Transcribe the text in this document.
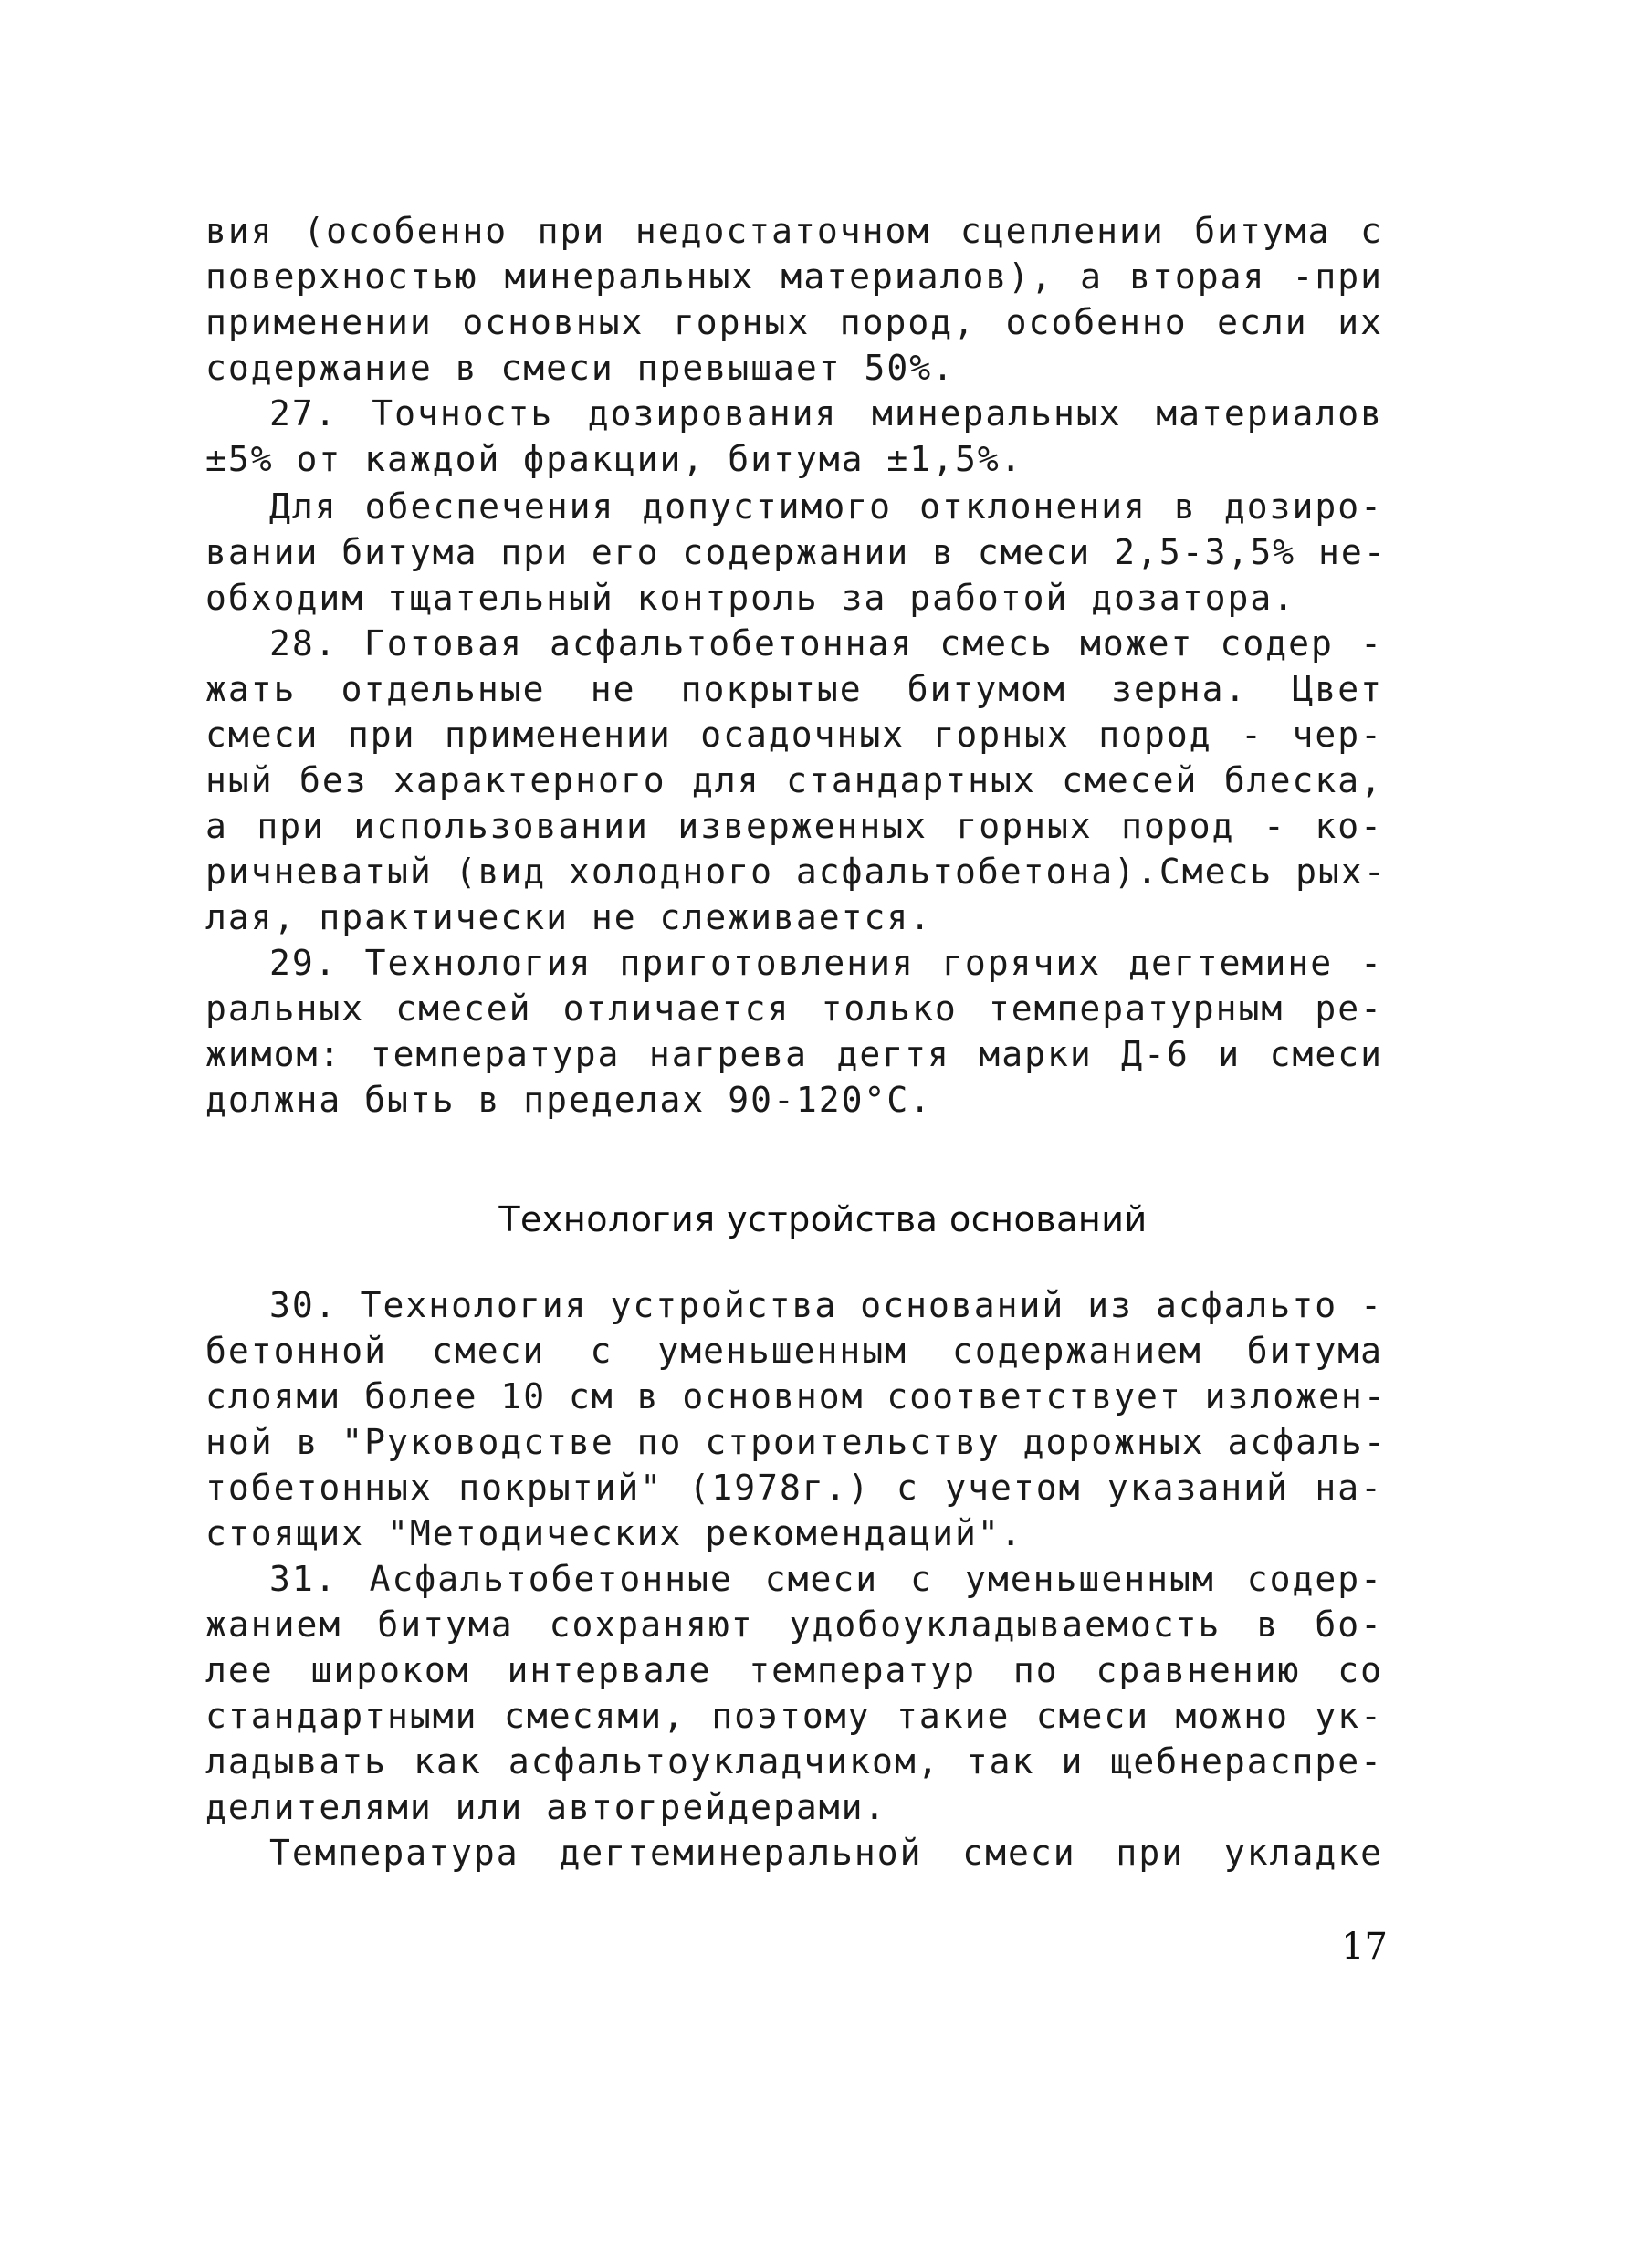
вия (особенно при недостаточном сцеплении битума с
поверхностью минеральных материалов), а вторая -при
применении основных горных пород, особенно если их
содержание в смеси превышает 50%.
27. Точность дозирования минеральных материалов
±5% от каждой фракции, битума ±1,5%.
Для обеспечения допустимого отклонения в дозиро-
вании битума при его содержании в смеси 2,5-3,5% не-
обходим тщательный контроль за работой дозатора.
28. Готовая асфальтобетонная смесь может содер -
жать отдельные не покрытые битумом зерна. Цвет
смеси при применении осадочных горных пород - чер-
ный без характерного для стандартных смесей блеска,
а при использовании изверженных горных пород - ко-
ричневатый (вид холодного асфальтобетона).Смесь рых-
лая, практически не слеживается.
29. Технология приготовления горячих дегтемине -
ральных смесей отличается только температурным ре-
жимом: температура нагрева дегтя марки Д-6 и смеси
должна быть в пределах 90-120°С.
Технология устройства оснований
30. Технология устройства оснований из асфальто -
бетонной смеси с уменьшенным содержанием битума
слоями более 10 см в основном соответствует изложен-
ной в "Руководстве по строительству дорожных асфаль-
тобетонных покрытий" (1978г.) с учетом указаний на-
стоящих "Методических рекомендаций".
31. Асфальтобетонные смеси с уменьшенным содер-
жанием битума сохраняют удобоукладываемость в бо-
лее широком интервале температур по сравнению со
стандартными смесями, поэтому такие смеси можно ук-
ладывать как асфальтоукладчиком, так и щебнераспре-
делителями или автогрейдерами.
Температура дегтеминеральной смеси при укладке
17
